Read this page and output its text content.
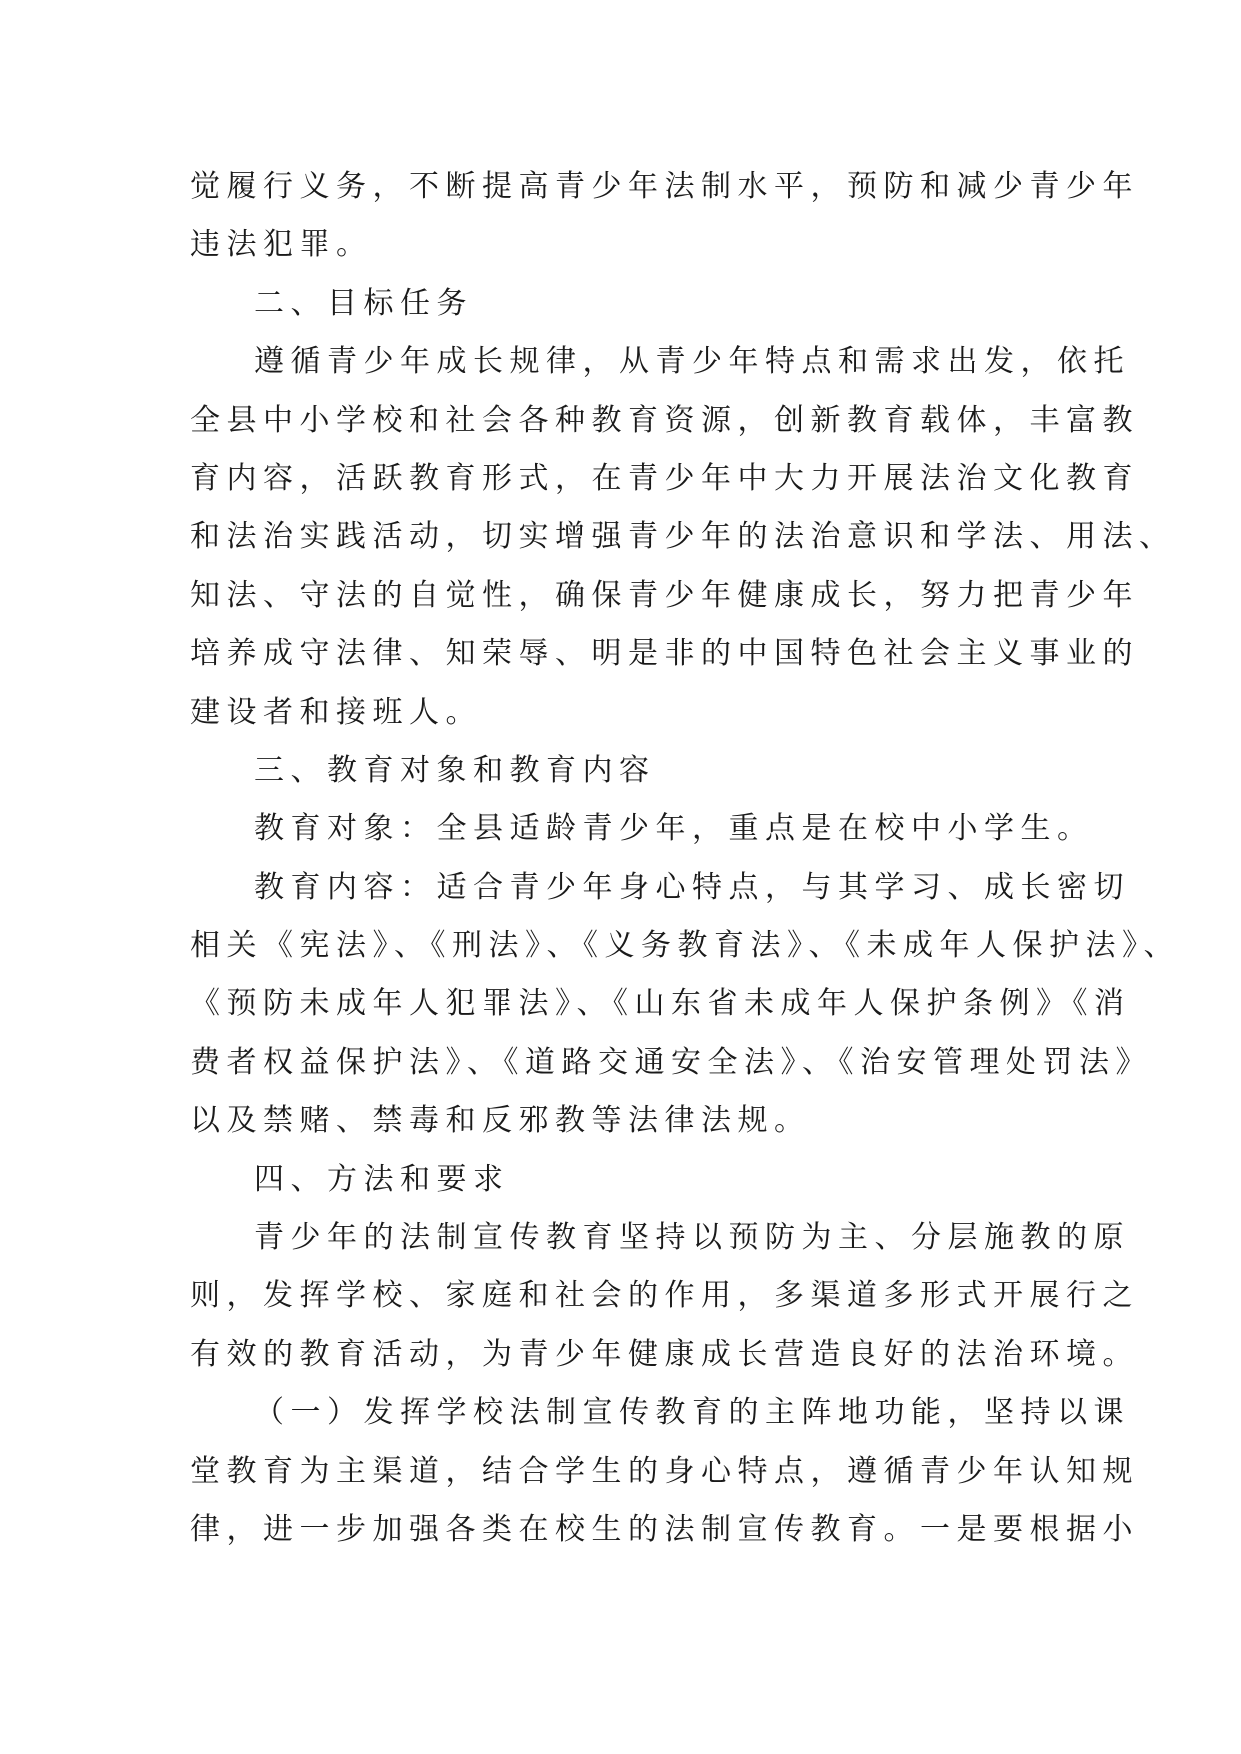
觉履行义务，不断提高青少年法制水平，预防和减少青少年
违法犯罪。
二、目标任务
遵循青少年成长规律，从青少年特点和需求出发，依托
全县中小学校和社会各种教育资源，创新教育载体，丰富教
育内容，活跃教育形式，在青少年中大力开展法治文化教育
和法治实践活动，切实增强青少年的法治意识和学法、用法、
知法、守法的自觉性，确保青少年健康成长，努力把青少年
培养成守法律、知荣辱、明是非的中国特色社会主义事业的
建设者和接班人。
三、教育对象和教育内容
教育对象：全县适龄青少年，重点是在校中小学生。
教育内容：适合青少年身心特点，与其学习、成长密切
相关《宪法》、《刑法》、《义务教育法》、《未成年人保护法》、
《预防未成年人犯罪法》、《山东省未成年人保护条例》《消
费者权益保护法》、《道路交通安全法》、《治安管理处罚法》
以及禁赌、禁毒和反邪教等法律法规。
四、方法和要求
青少年的法制宣传教育坚持以预防为主、分层施教的原
则，发挥学校、家庭和社会的作用，多渠道多形式开展行之
有效的教育活动，为青少年健康成长营造良好的法治环境。
（一）发挥学校法制宣传教育的主阵地功能，坚持以课
堂教育为主渠道，结合学生的身心特点，遵循青少年认知规
律，进一步加强各类在校生的法制宣传教育。一是要根据小
